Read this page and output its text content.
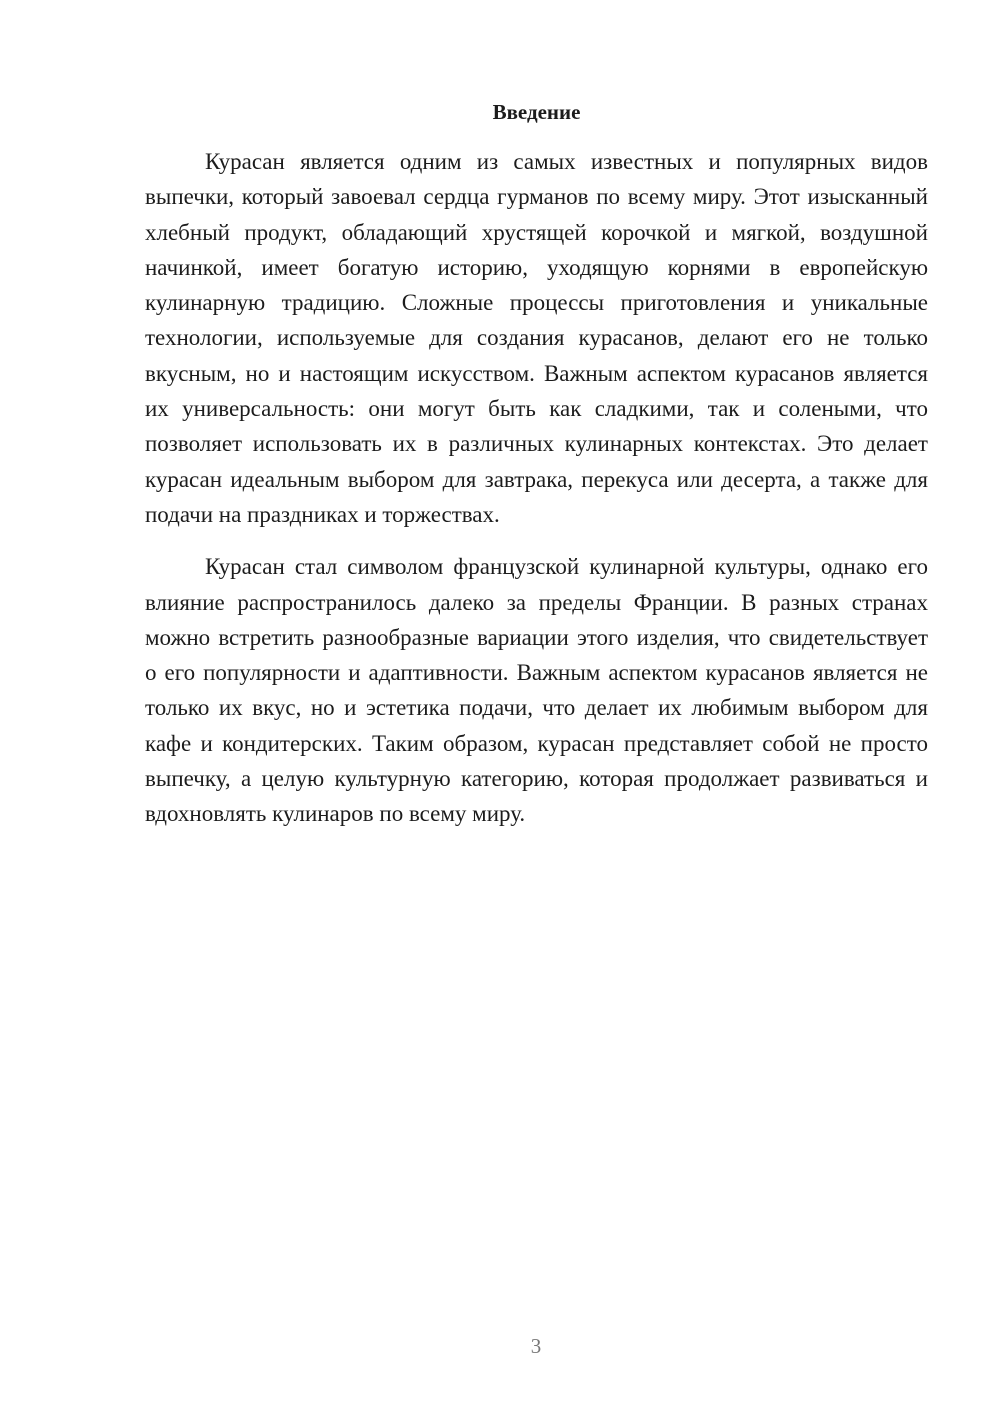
Введение

Курасан является одним из самых известных и популярных видов выпечки, который завоевал сердца гурманов по всему миру. Этот изысканный хлебный продукт, обладающий хрустящей корочкой и мягкой, воздушной начинкой, имеет богатую историю, уходящую корнями в европейскую кулинарную традицию. Сложные процессы приготовления и уникальные технологии, используемые для создания курасанов, делают его не только вкусным, но и настоящим искусством. Важным аспектом курасанов является их универсальность: они могут быть как сладкими, так и солеными, что позволяет использовать их в различных кулинарных контекстах. Это делает курасан идеальным выбором для завтрака, перекуса или десерта, а также для подачи на праздниках и торжествах.

Курасан стал символом французской кулинарной культуры, однако его влияние распространилось далеко за пределы Франции. В разных странах можно встретить разнообразные вариации этого изделия, что свидетельствует о его популярности и адаптивности. Важным аспектом курасанов является не только их вкус, но и эстетика подачи, что делает их любимым выбором для кафе и кондитерских. Таким образом, курасан представляет собой не просто выпечку, а целую культурную категорию, которая продолжает развиваться и вдохновлять кулинаров по всему миру.

3
